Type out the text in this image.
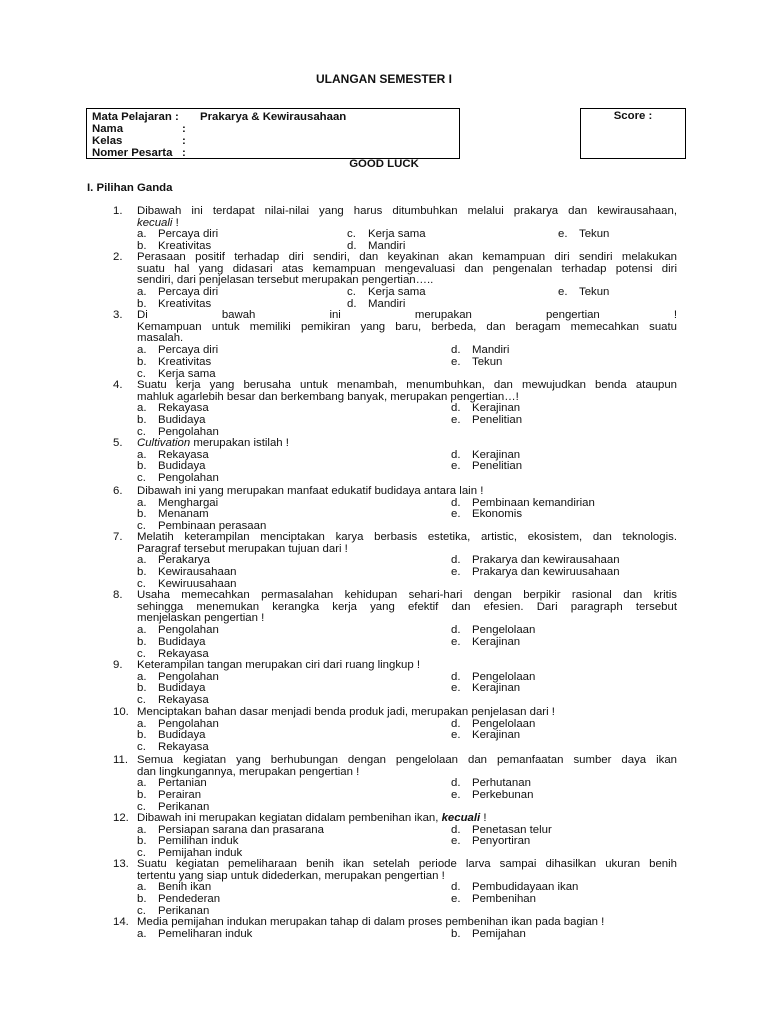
ULANGAN SEMESTER I
Mata Pelajaran : Prakarya & Kewirausahaan
Nama	:
Kelas	:
Nomer Pesarta :
Score :
GOOD LUCK
I. Pilihan Ganda
1.	Dibawah ini terdapat nilai-nilai yang harus ditumbuhkan melalui prakarya dan kewirausahaan,
kecuali !
a. Percaya diri
b. Kreativitas
c. Kerja sama
d. Mandiri
e. Tekun
2.	Perasaan positif terhadap diri sendiri, dan keyakinan akan kemampuan diri sendiri melakukan
suatu hal yang didasari atas kemampuan mengevaluasi dan pengenalan terhadap potensi diri
sendiri, dari penjelasan tersebut merupakan pengertian…..
a. Percaya diri
b. Kreativitas
c. Kerja sama
d. Mandiri
e. Tekun
3.	Di bawah ini merupakan pengertian !
Kemampuan untuk memiliki pemikiran yang baru, berbeda, dan beragam memecahkan suatu
masalah.
a. Percaya diri
b. Kreativitas
c. Kerja sama
d. Mandiri
e. Tekun
4.	Suatu kerja yang berusaha untuk menambah, menumbuhkan, dan mewujudkan benda ataupun
mahluk agarlebih besar dan berkembang banyak, merupakan pengertian…!
a. Rekayasa
b. Budidaya
c. Pengolahan
d. Kerajinan
e. Penelitian
5.	Cultivation merupakan istilah !
a. Rekayasa
b. Budidaya
c. Pengolahan
d. Kerajinan
e. Penelitian
6.	Dibawah ini yang merupakan manfaat edukatif budidaya antara lain !
a. Menghargai
b. Menanam
c. Pembinaan perasaan
d. Pembinaan kemandirian
e. Ekonomis
7.	Melatih keterampilan menciptakan karya berbasis estetika, artistic, ekosistem, dan teknologis.
Paragraf tersebut merupakan tujuan dari !
a. Perakarya
b. Kewirausahaan
c. Kewiruusahaan
d. Prakarya dan kewirausahaan
e. Prakarya dan kewiruusahaan
8.	Usaha memecahkan permasalahan kehidupan sehari-hari dengan berpikir rasional dan kritis
sehingga menemukan kerangka kerja yang efektif dan efesien. Dari paragraph tersebut
menjelaskan pengertian !
a. Pengolahan
b. Budidaya
c. Rekayasa
d. Pengelolaan
e. Kerajinan
9.	Keterampilan tangan merupakan ciri dari ruang lingkup !
a. Pengolahan
b. Budidaya
c. Rekayasa
d. Pengelolaan
e. Kerajinan
10. Menciptakan bahan dasar menjadi benda produk jadi, merupakan penjelasan dari !
a. Pengolahan
b. Budidaya
c. Rekayasa
d. Pengelolaan
e. Kerajinan
11. Semua kegiatan yang berhubungan dengan pengelolaan dan pemanfaatan sumber daya ikan
dan lingkungannya, merupakan pengertian !
a. Pertanian
b. Perairan
c. Perikanan
d. Perhutanan
e. Perkebunan
12. Dibawah ini merupakan kegiatan didalam pembenihan ikan, kecuali !
a. Persiapan sarana dan prasarana
b. Pemilihan induk
c. Pemijahan induk
d. Penetasan telur
e. Penyortiran
13. Suatu kegiatan pemeliharaan benih ikan setelah periode larva sampai dihasilkan ukuran benih
tertentu yang siap untuk didederkan, merupakan pengertian !
a. Benih ikan
b. Pendederan
c. Perikanan
d. Pembudidayaan ikan
e. Pembenihan
14. Media pemijahan indukan merupakan tahap di dalam proses pembenihan ikan pada bagian !
a. Pemeliharan induk	b. Pemijahan
